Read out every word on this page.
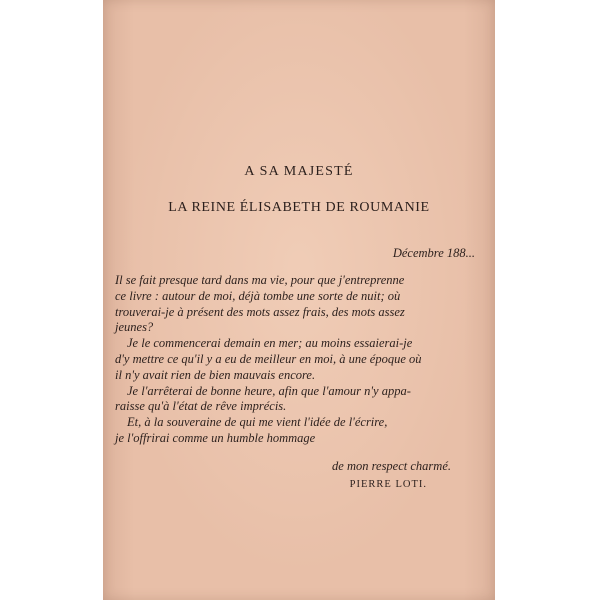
A SA MAJESTÉ
LA REINE ÉLISABETH DE ROUMANIE
Décembre 188...
Il se fait presque tard dans ma vie, pour que j'entreprenne
ce livre : autour de moi, déjà tombe une sorte de nuit; où
trouverai-je à présent des mots assez frais, des mots assez
jeunes?
Je le commencerai demain en mer; au moins essaierai-je
d'y mettre ce qu'il y a eu de meilleur en moi, à une époque où
il n'y avait rien de bien mauvais encore.
Je l'arrêterai de bonne heure, afin que l'amour n'y appa-
raisse qu'à l'état de rêve imprécis.
Et, à la souveraine de qui me vient l'idée de l'écrire,
je l'offrirai comme un humble hommage
de mon respect charmé.
PIERRE LOTI.
